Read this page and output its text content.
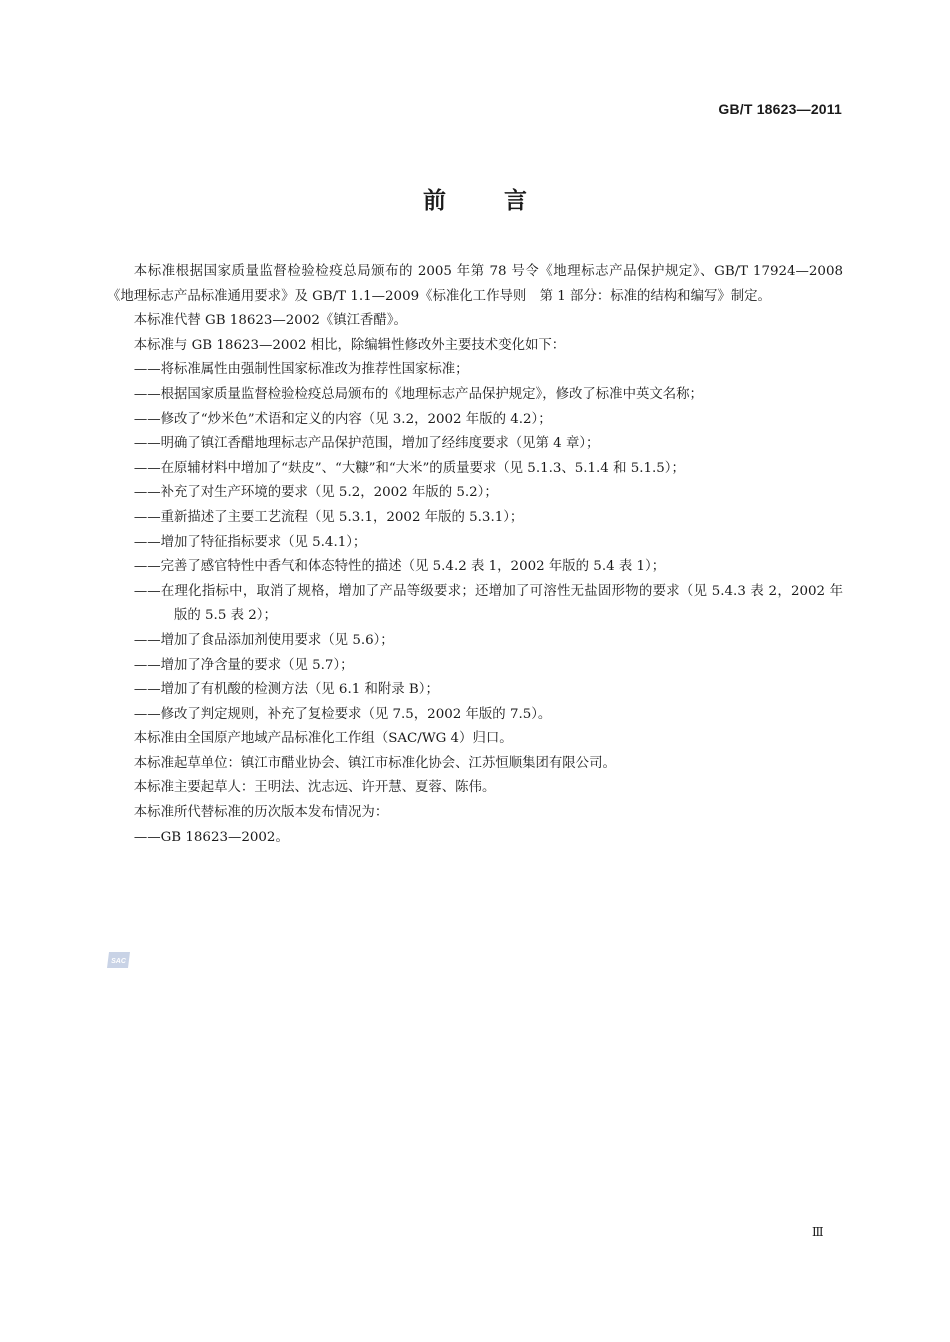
GB/T 18623—2011
前言

本标准根据国家质量监督检验检疫总局颁布的 2005 年第 78 号令《地理标志产品保护规定》、GB/T 17924—2008《地理标志产品标准通用要求》及 GB/T 1.1—2009《标准化工作导则　第 1 部分：标准的结构和编写》制定。

本标准代替 GB 18623—2002《镇江香醋》。

本标准与 GB 18623—2002 相比，除编辑性修改外主要技术变化如下：

——将标准属性由强制性国家标准改为推荐性国家标准；

——根据国家质量监督检验检疫总局颁布的《地理标志产品保护规定》，修改了标准中英文名称；

——修改了“炒米色”术语和定义的内容（见 3.2，2002 年版的 4.2）；

——明确了镇江香醋地理标志产品保护范围，增加了经纬度要求（见第 4 章）；

——在原辅材料中增加了“麸皮”、“大糠”和“大米”的质量要求（见 5.1.3、5.1.4 和 5.1.5）；

——补充了对生产环境的要求（见 5.2，2002 年版的 5.2）；

——重新描述了主要工艺流程（见 5.3.1，2002 年版的 5.3.1）；

——增加了特征指标要求（见 5.4.1）；

——完善了感官特性中香气和体态特性的描述（见 5.4.2 表 1，2002 年版的 5.4 表 1）；

——在理化指标中，取消了规格，增加了产品等级要求；还增加了可溶性无盐固形物的要求（见 5.4.3 表 2，2002 年版的 5.5 表 2）；

——增加了食品添加剂使用要求（见 5.6）；

——增加了净含量的要求（见 5.7）；

——增加了有机酸的检测方法（见 6.1 和附录 B）；

——修改了判定规则，补充了复检要求（见 7.5，2002 年版的 7.5）。

本标准由全国原产地域产品标准化工作组（SAC/WG 4）归口。

本标准起草单位：镇江市醋业协会、镇江市标准化协会、江苏恒顺集团有限公司。

本标准主要起草人：王明法、沈志远、许开慧、夏蓉、陈伟。

本标准所代替标准的历次版本发布情况为：

——GB 18623—2002。

SAC
Ⅲ
